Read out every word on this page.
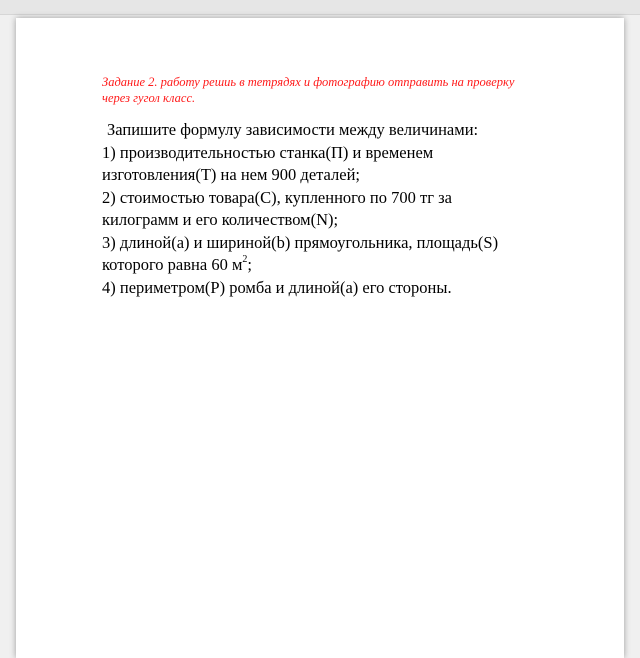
Задание 2. работу решиь в тетрядях и фотографию отправить на проверку
через гугол класс.

Запишите формулу зависимости между величинами:
1) производительностью станка(П) и временем
изготовления(Т) на нем 900 деталей;
2) стоимостью товара(С), купленного по 700 тг за
килограмм и его количеством(N);
3) длиной(a) и шириной(b) прямоугольника, площадь(S)
которого равна 60 $м^2$;
4) периметром(Р) ромба и длиной(a) его стороны.
